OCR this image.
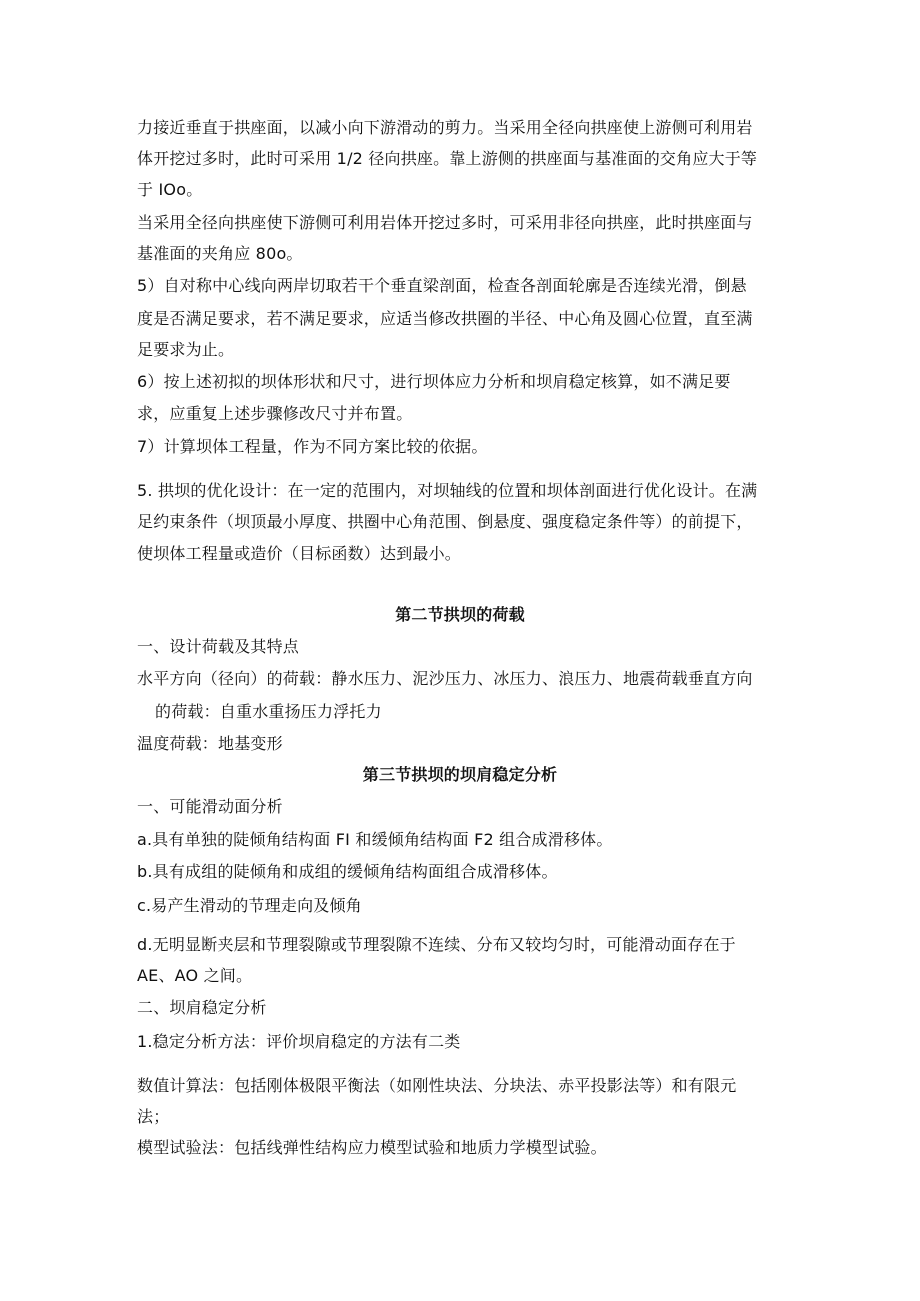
力接近垂直于拱座面，以减小向下游滑动的剪力。当采用全径向拱座使上游侧可利用岩
体开挖过多时，此时可采用 1/2 径向拱座。靠上游侧的拱座面与基准面的交角应大于等
于 IOo。
当采用全径向拱座使下游侧可利用岩体开挖过多时，可采用非径向拱座，此时拱座面与
基准面的夹角应 80o。
5）自对称中心线向两岸切取若干个垂直梁剖面，检查各剖面轮廓是否连续光滑，倒悬
度是否满足要求，若不满足要求，应适当修改拱圈的半径、中心角及圆心位置，直至满
足要求为止。
6）按上述初拟的坝体形状和尺寸，进行坝体应力分析和坝肩稳定核算，如不满足要
求，应重复上述步骤修改尺寸并布置。
7）计算坝体工程量，作为不同方案比较的依据。
5. 拱坝的优化设计：在一定的范围内，对坝轴线的位置和坝体剖面进行优化设计。在满
足约束条件（坝顶最小厚度、拱圈中心角范围、倒悬度、强度稳定条件等）的前提下，
使坝体工程量或造价（目标函数）达到最小。
第二节拱坝的荷载
一、设计荷载及其特点
水平方向（径向）的荷载：静水压力、泥沙压力、冰压力、浪压力、地震荷载垂直方向
的荷载：自重水重扬压力浮托力
温度荷载：地基变形
第三节拱坝的坝肩稳定分析
一、可能滑动面分析
a.具有单独的陡倾角结构面 FI 和缓倾角结构面 F2 组合成滑移体。
b.具有成组的陡倾角和成组的缓倾角结构面组合成滑移体。
c.易产生滑动的节理走向及倾角
d.无明显断夹层和节理裂隙或节理裂隙不连续、分布又较均匀时，可能滑动面存在于
AE、AO 之间。
二、坝肩稳定分析
1.稳定分析方法：评价坝肩稳定的方法有二类
数值计算法：包括刚体极限平衡法（如刚性块法、分块法、赤平投影法等）和有限元
法；
模型试验法：包括线弹性结构应力模型试验和地质力学模型试验。
